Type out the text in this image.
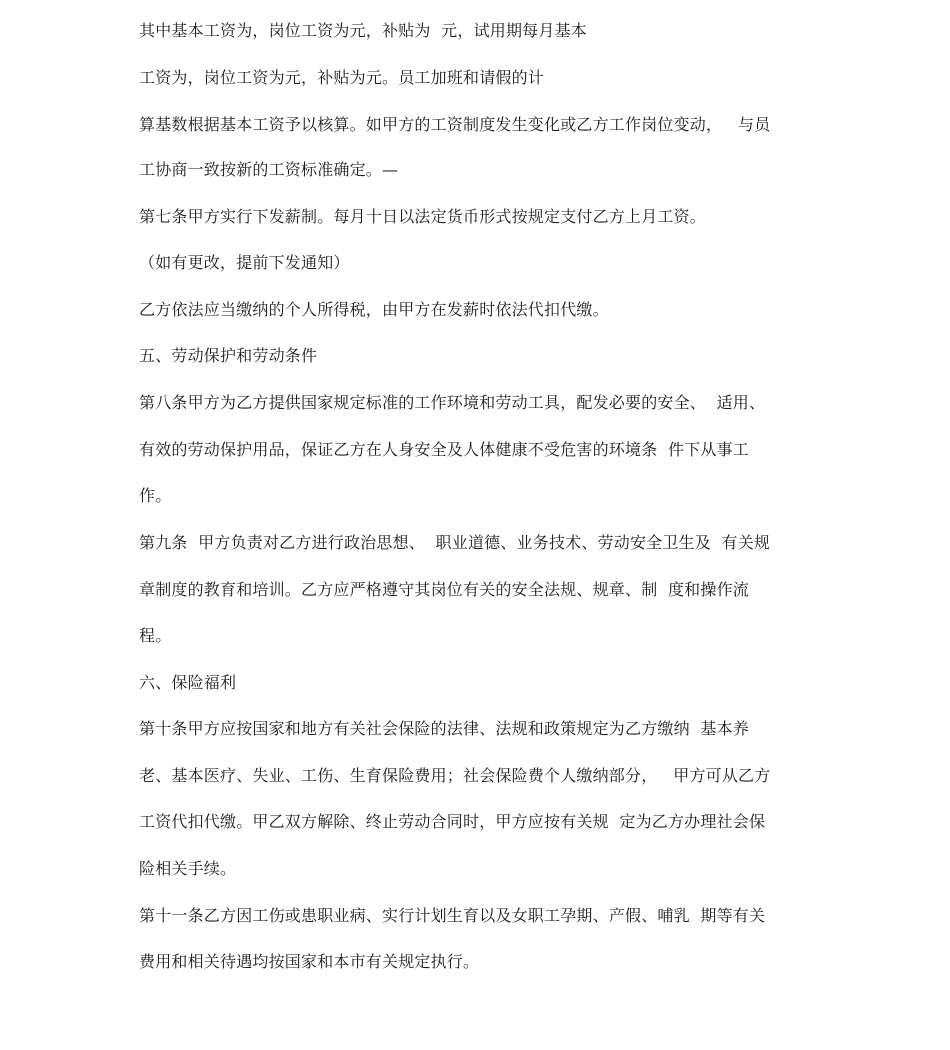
其中基本工资为，岗位工资为元，补贴为  元，试用期每月基本
工资为，岗位工资为元，补贴为元。员工加班和请假的计
算基数根据基本工资予以核算。如甲方的工资制度发生变化或乙方工作岗位变动，   与员
工协商一致按新的工资标准确定。—
第七条甲方实行下发薪制。每月十日以法定货币形式按规定支付乙方上月工资。
（如有更改，提前下发通知）
乙方依法应当缴纳的个人所得税，由甲方在发薪时依法代扣代缴。
五、劳动保护和劳动条件
第八条甲方为乙方提供国家规定标准的工作环境和劳动工具，配发必要的安全、  适用、
有效的劳动保护用品，保证乙方在人身安全及人体健康不受危害的环境条  件下从事工
作。
第九条  甲方负责对乙方进行政治思想、  职业道德、业务技术、劳动安全卫生及  有关规
章制度的教育和培训。乙方应严格遵守其岗位有关的安全法规、规章、制  度和操作流
程。
六、保险福利
第十条甲方应按国家和地方有关社会保险的法律、法规和政策规定为乙方缴纳  基本养
老、基本医疗、失业、工伤、生育保险费用；社会保险费个人缴纳部分，   甲方可从乙方
工资代扣代缴。甲乙双方解除、终止劳动合同时，甲方应按有关规  定为乙方办理社会保
险相关手续。
第十一条乙方因工伤或患职业病、实行计划生育以及女职工孕期、产假、哺乳  期等有关
费用和相关待遇均按国家和本市有关规定执行。
